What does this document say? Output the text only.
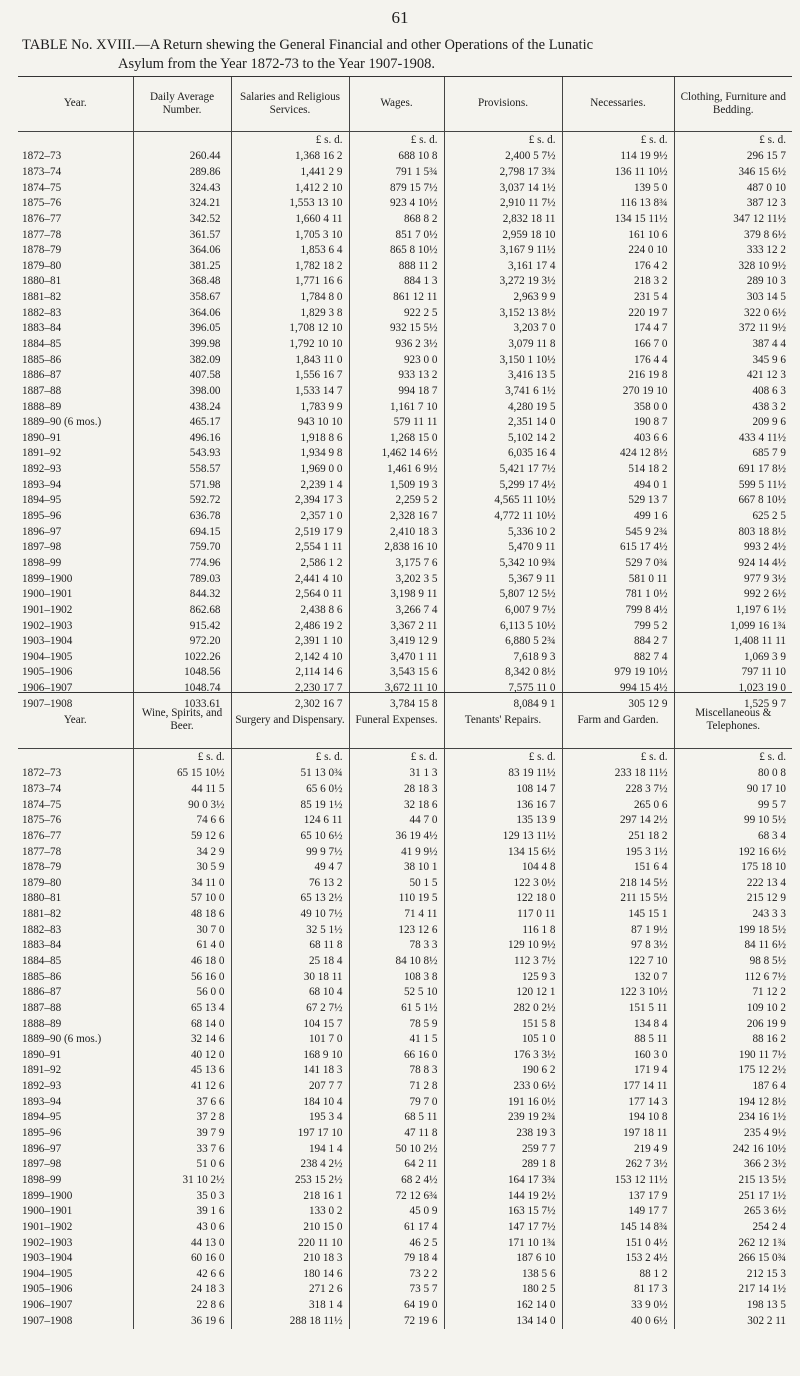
61
TABLE No. XVIII.—A Return shewing the General Financial and other Operations of the Lunatic
Asylum from the Year 1872-73 to the Year 1907-1908.
Year.	Daily Average Number.	Salaries and Religious Services.	Wages.	Provisions.	Necessaries.	Clothing, Furniture and Bedding.
		£ s. d.	£ s. d.	£ s. d.	£ s. d.	£ s. d.
1872–73	260.44	1,368 16 2	688 10 8	2,400 5 7½	114 19 9½	296 15 7
1873–74	289.86	1,441 2 9	791 1 5¾	2,798 17 3¾	136 11 10½	346 15 6½
1874–75	324.43	1,412 2 10	879 15 7½	3,037 14 1½	139 5 0	487 0 10
1875–76	324.21	1,553 13 10	923 4 10½	2,910 11 7½	116 13 8¾	387 12 3
1876–77	342.52	1,660 4 11	868 8 2	2,832 18 11	134 15 11½	347 12 11½
1877–78	361.57	1,705 3 10	851 7 0½	2,959 18 10	161 10 6	379 8 6½
1878–79	364.06	1,853 6 4	865 8 10½	3,167 9 11½	224 0 10	333 12 2
1879–80	381.25	1,782 18 2	888 11 2	3,161 17 4	176 4 2	328 10 9½
1880–81	368.48	1,771 16 6	884 1 3	3,272 19 3½	218 3 2	289 10 3
1881–82	358.67	1,784 8 0	861 12 11	2,963 9 9	231 5 4	303 14 5
1882–83	364.06	1,829 3 8	922 2 5	3,152 13 8½	220 19 7	322 0 6½
1883–84	396.05	1,708 12 10	932 15 5½	3,203 7 0	174 4 7	372 11 9½
1884–85	399.98	1,792 10 10	936 2 3½	3,079 11 8	166 7 0	387 4 4
1885–86	382.09	1,843 11 0	923 0 0	3,150 1 10½	176 4 4	345 9 6
1886–87	407.58	1,556 16 7	933 13 2	3,416 13 5	216 19 8	421 12 3
1887–88	398.00	1,533 14 7	994 18 7	3,741 6 1½	270 19 10	408 6 3
1888–89	438.24	1,783 9 9	1,161 7 10	4,280 19 5	358 0 0	438 3 2
1889–90 (6 mos.)	465.17	943 10 10	579 11 11	2,351 14 0	190 8 7	209 9 6
1890–91	496.16	1,918 8 6	1,268 15 0	5,102 14 2	403 6 6	433 4 11½
1891–92	543.93	1,934 9 8	1,462 14 6½	6,035 16 4	424 12 8½	685 7 9
1892–93	558.57	1,969 0 0	1,461 6 9½	5,421 17 7½	514 18 2	691 17 8½
1893–94	571.98	2,239 1 4	1,509 19 3	5,299 17 4½	494 0 1	599 5 11½
1894–95	592.72	2,394 17 3	2,259 5 2	4,565 11 10½	529 13 7	667 8 10½
1895–96	636.78	2,357 1 0	2,328 16 7	4,772 11 10½	499 1 6	625 2 5
1896–97	694.15	2,519 17 9	2,410 18 3	5,336 10 2	545 9 2¾	803 18 8½
1897–98	759.70	2,554 1 11	2,838 16 10	5,470 9 11	615 17 4½	993 2 4½
1898–99	774.96	2,586 1 2	3,175 7 6	5,342 10 9¾	529 7 0¾	924 14 4½
1899–1900	789.03	2,441 4 10	3,202 3 5	5,367 9 11	581 0 11	977 9 3½
1900–1901	844.32	2,564 0 11	3,198 9 11	5,807 12 5½	781 1 0½	992 2 6½
1901–1902	862.68	2,438 8 6	3,266 7 4	6,007 9 7½	799 8 4½	1,197 6 1½
1902–1903	915.42	2,486 19 2	3,367 2 11	6,113 5 10½	799 5 2	1,099 16 1¾
1903–1904	972.20	2,391 1 10	3,419 12 9	6,880 5 2¾	884 2 7	1,408 11 11
1904–1905	1022.26	2,142 4 10	3,470 1 11	7,618 9 3	882 7 4	1,069 3 9
1905–1906	1048.56	2,114 14 6	3,543 15 6	8,342 0 8½	979 19 10½	797 11 10
1906–1907	1048.74	2,230 17 7	3,672 11 10	7,575 11 0	994 15 4½	1,023 19 0
1907–1908	1033.61	2,302 16 7	3,784 15 8	8,084 9 1	305 12 9	1,525 9 7
Year.	Wine, Spirits, and Beer.	Surgery and Dispensary.	Funeral Expenses.	Tenants' Repairs.	Farm and Garden.	Miscellaneous & Telephones.
	£ s. d.	£ s. d.	£ s. d.	£ s. d.	£ s. d.	£ s. d.
1872–73	65 15 10½	51 13 0¾	31 1 3	83 19 11½	233 18 11½	80 0 8
1873–74	44 11 5	65 6 0½	28 18 3	108 14 7	228 3 7½	90 17 10
1874–75	90 0 3½	85 19 1½	32 18 6	136 16 7	265 0 6	99 5 7
1875–76	74 6 6	124 6 11	44 7 0	135 13 9	297 14 2½	99 10 5½
1876–77	59 12 6	65 10 6½	36 19 4½	129 13 11½	251 18 2	68 3 4
1877–78	34 2 9	99 9 7½	41 9 9½	134 15 6½	195 3 1½	192 16 6½
1878–79	30 5 9	49 4 7	38 10 1	104 4 8	151 6 4	175 18 10
1879–80	34 11 0	76 13 2	50 1 5	122 3 0½	218 14 5½	222 13 4
1880–81	57 10 0	65 13 2½	110 19 5	122 18 0	211 15 5½	215 12 9
1881–82	48 18 6	49 10 7½	71 4 11	117 0 11	145 15 1	243 3 3
1882–83	30 7 0	32 5 1½	123 12 6	116 1 8	87 1 9½	199 18 5½
1883–84	61 4 0	68 11 8	78 3 3	129 10 9½	97 8 3½	84 11 6½
1884–85	46 18 0	25 18 4	84 10 8½	112 3 7½	122 7 10	98 8 5½
1885–86	56 16 0	30 18 11	108 3 8	125 9 3	132 0 7	112 6 7½
1886–87	56 0 0	68 10 4	52 5 10	120 12 1	122 3 10½	71 12 2
1887–88	65 13 4	67 2 7½	61 5 1½	282 0 2½	151 5 11	109 10 2
1888–89	68 14 0	104 15 7	78 5 9	151 5 8	134 8 4	206 19 9
1889–90 (6 mos.)	32 14 6	101 7 0	41 1 5	105 1 0	88 5 11	88 16 2
1890–91	40 12 0	168 9 10	66 16 0	176 3 3½	160 3 0	190 11 7½
1891–92	45 13 6	141 18 3	78 8 3	190 6 2	171 9 4	175 12 2½
1892–93	41 12 6	207 7 7	71 2 8	233 0 6½	177 14 11	187 6 4
1893–94	37 6 6	184 10 4	79 7 0	191 16 0½	177 14 3	194 12 8½
1894–95	37 2 8	195 3 4	68 5 11	239 19 2¾	194 10 8	234 16 1½
1895–96	39 7 9	197 17 10	47 11 8	238 19 3	197 18 11	235 4 9½
1896–97	33 7 6	194 1 4	50 10 2½	259 7 7	219 4 9	242 16 10½
1897–98	51 0 6	238 4 2½	64 2 11	289 1 8	262 7 3½	366 2 3½
1898–99	31 10 2½	253 15 2½	68 2 4½	164 17 3¾	153 12 11½	215 13 5½
1899–1900	35 0 3	218 16 1	72 12 6¾	144 19 2½	137 17 9	251 17 1½
1900–1901	39 1 6	133 0 2	45 0 9	163 15 7½	149 17 7	265 3 6½
1901–1902	43 0 6	210 15 0	61 17 4	147 17 7½	145 14 8¾	254 2 4
1902–1903	44 13 0	220 11 10	46 2 5	171 10 1¾	151 0 4½	262 12 1¾
1903–1904	60 16 0	210 18 3	79 18 4	187 6 10	153 2 4½	266 15 0¾
1904–1905	42 6 6	180 14 6	73 2 2	138 5 6	88 1 2	212 15 3
1905–1906	24 18 3	271 2 6	73 5 7	180 2 5	81 17 3	217 14 1½
1906–1907	22 8 6	318 1 4	64 19 0	162 14 0	33 9 0½	198 13 5
1907–1908	36 19 6	288 18 11½	72 19 6	134 14 0	40 0 6½	302 2 11
